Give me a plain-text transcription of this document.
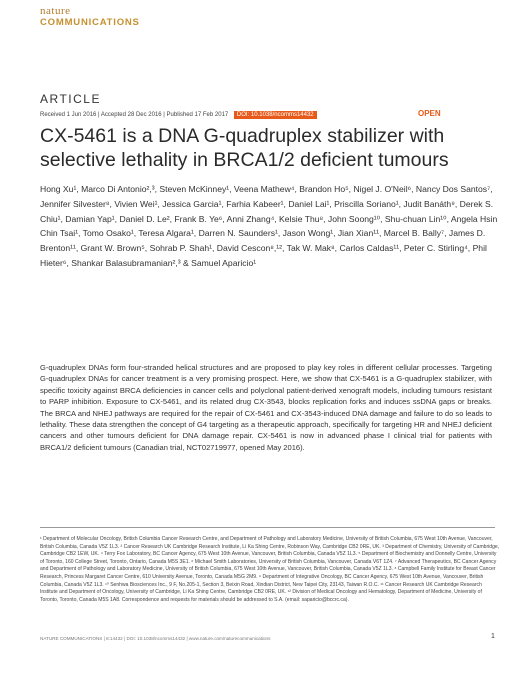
nature
COMMUNICATIONS
ARTICLE
Received 1 Jun 2016 | Accepted 28 Dec 2016 | Published 17 Feb 2017 DOI: 10.1038/ncomms14432	OPEN
CX-5461 is a DNA G-quadruplex stabilizer with selective lethality in BRCA1/2 deficient tumours
Hong Xu¹, Marco Di Antonio²,³, Steven McKinney¹, Veena Mathew⁴, Brandon Ho⁵, Nigel J. O'Neil⁶, Nancy Dos Santos⁷, Jennifer Silvester⁸, Vivien Wei¹, Jessica Garcia¹, Farhia Kabeer¹, Daniel Lai¹, Priscilla Soriano¹, Judit Banáth⁹, Derek S. Chiu¹, Damian Yap¹, Daniel D. Le², Frank B. Ye⁶, Anni Zhang⁴, Kelsie Thu⁸, John Soong¹⁰, Shu-chuan Lin¹⁰, Angela Hsin Chin Tsai¹, Tomo Osako¹, Teresa Algara¹, Darren N. Saunders¹, Jason Wong¹, Jian Xian¹¹, Marcel B. Bally⁷, James D. Brenton¹¹, Grant W. Brown⁵, Sohrab P. Shah¹, David Cescon⁸,¹², Tak W. Mak⁸, Carlos Caldas¹¹, Peter C. Stirling⁴, Phil Hieter⁶, Shankar Balasubramanian²,³ & Samuel Aparicio¹
G-quadruplex DNAs form four-stranded helical structures and are proposed to play key roles in different cellular processes. Targeting G-quadruplex DNAs for cancer treatment is a very promising prospect. Here, we show that CX-5461 is a G-quadruplex stabilizer, with specific toxicity against BRCA deficiencies in cancer cells and polyclonal patient-derived xenograft models, including tumours resistant to PARP inhibition. Exposure to CX-5461, and its related drug CX-3543, blocks replication forks and induces ssDNA gaps or breaks. The BRCA and NHEJ pathways are required for the repair of CX-5461 and CX-3543-induced DNA damage and failure to do so leads to lethality. These data strengthen the concept of G4 targeting as a therapeutic approach, specifically for targeting HR and NHEJ deficient cancers and other tumours deficient for DNA damage repair. CX-5461 is now in advanced phase I clinical trial for patients with BRCA1/2 deficient tumours (Canadian trial, NCT02719977, opened May 2016).
¹ Department of Molecular Oncology, British Columbia Cancer Research Centre, and Department of Pathology and Laboratory Medicine, University of British Columbia, 675 West 10th Avenue, Vancouver, British Columbia, Canada V5Z 1L3. ² Cancer Research UK Cambridge Research Institute, Li Ka Shing Centre, Robinson Way, Cambridge CB2 0RE, UK. ³ Department of Chemistry, University of Cambridge, Cambridge CB2 1EW, UK. ⁴ Terry Fox Laboratory, BC Cancer Agency, 675 West 10th Avenue, Vancouver, British Columbia, Canada V5Z 1L3. ⁵ Department of Biochemistry and Donnelly Centre, University of Toronto, 160 College Street, Toronto, Ontario, Canada M5S 3E1. ⁶ Michael Smith Laboratories, University of British Columbia, Vancouver, Canada V6T 1Z4. ⁷ Advanced Therapeutics, BC Cancer Agency and Department of Pathology and Laboratory Medicine, University of British Columbia, 675 West 10th Avenue, Vancouver, British Columbia, Canada V5Z 1L3. ⁸ Campbell Family Institute for Breast Cancer Research, Princess Margaret Cancer Centre, 610 University Avenue, Toronto, Canada M5G 2M9. ⁹ Department of Integrative Oncology, BC Cancer Agency, 675 West 10th Avenue, Vancouver, British Columbia, Canada V5Z 1L3. ¹⁰ Senhwa Biosciences Inc., 9 F, No.205-1, Section 3, Beixin Road, Xindian District, New Taipei City, 23143, Taiwan R.O.C. ¹¹ Cancer Research UK Cambridge Research Institute and Department of Oncology, University of Cambridge, Li Ka Shing Centre, Cambridge CB2 0RE, UK. ¹² Division of Medical Oncology and Hematology, Department of Medicine, University of Toronto, Toronto, Canada M5S 1A8. Correspondence and requests for materials should be addressed to S.A. (email: saparicio@bccrc.ca).
NATURE COMMUNICATIONS | 8:14432 | DOI: 10.1038/ncomms14432 | www.nature.com/naturecommunications	1
